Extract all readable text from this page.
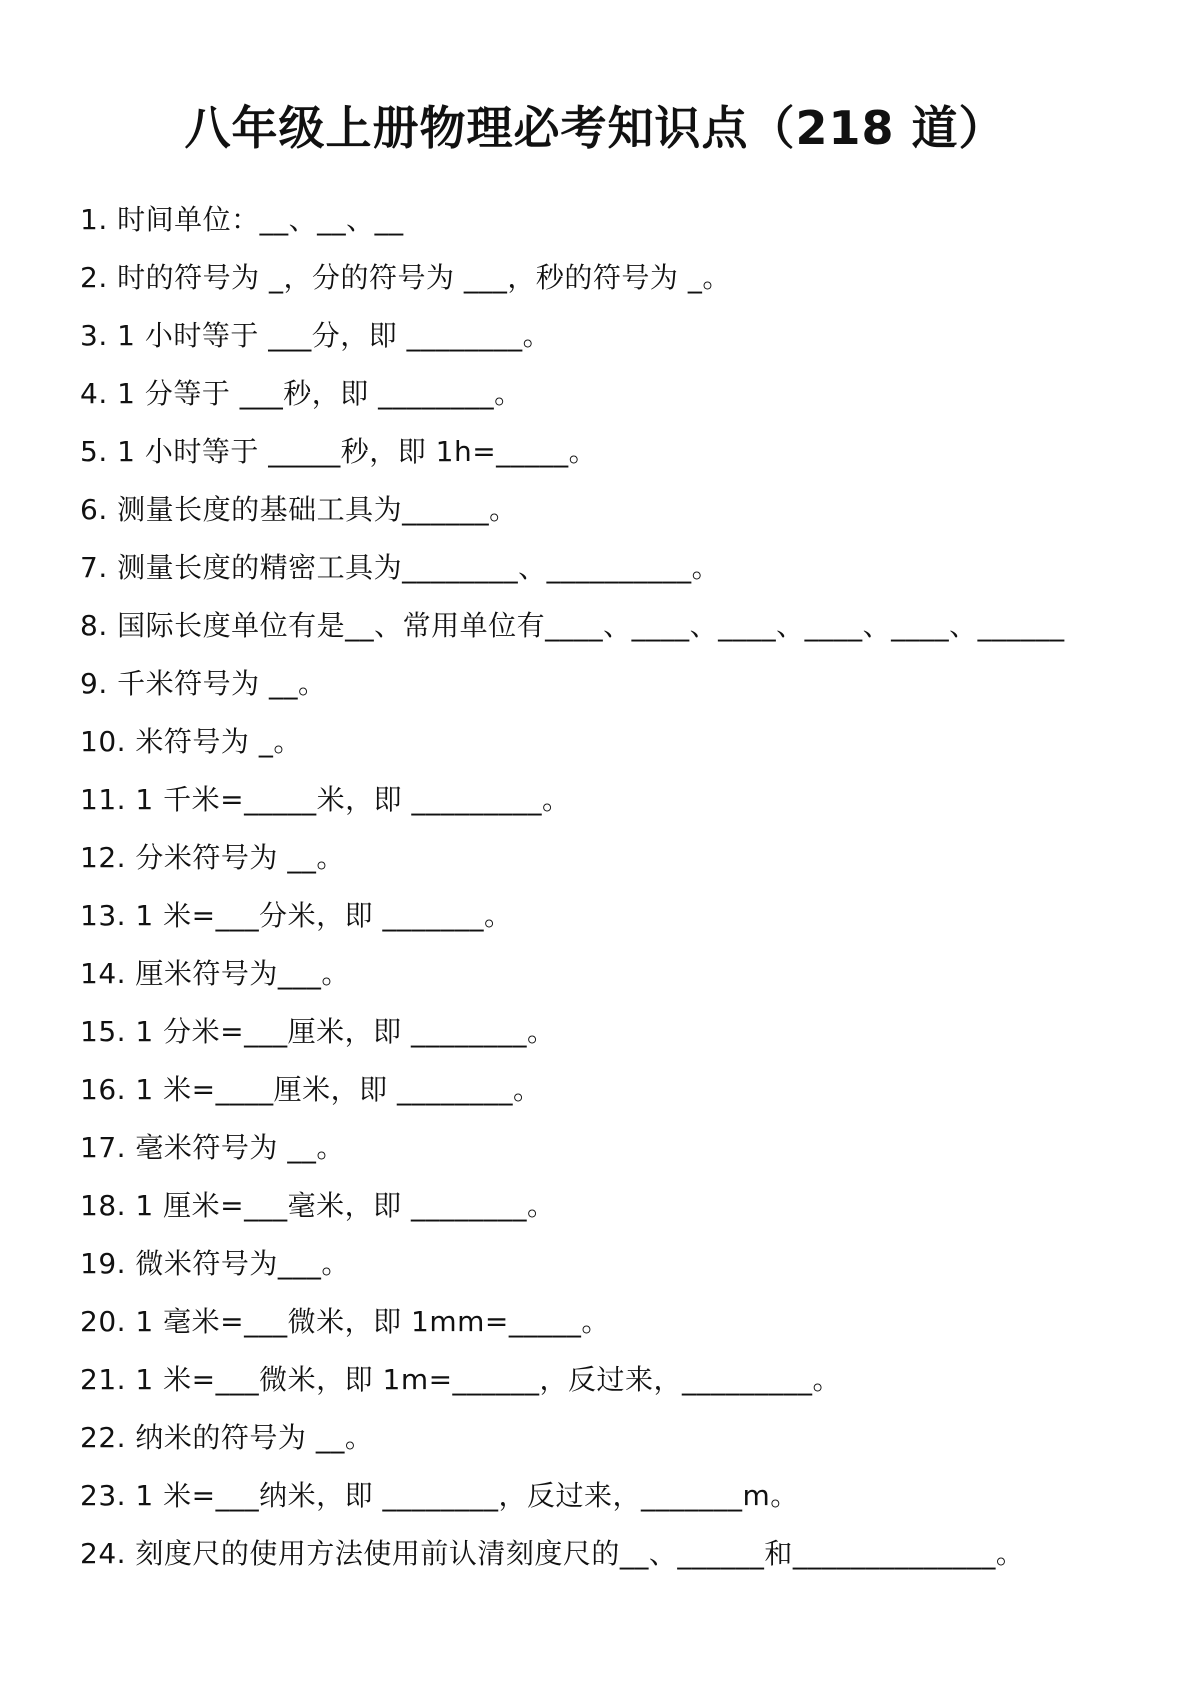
八年级上册物理必考知识点（218 道）
1. 时间单位：__、__、__
2. 时的符号为 _，分的符号为 ___，秒的符号为 _。
3. 1 小时等于 ___分，即 ________。
4. 1 分等于 ___秒，即 ________。
5. 1 小时等于 _____秒，即 1h=_____。
6. 测量长度的基础工具为______。
7. 测量长度的精密工具为________、__________。
8. 国际长度单位有是__、常用单位有____、____、____、____、____、______
9. 千米符号为 __。
10. 米符号为 _。
11. 1 千米=_____米，即 _________。
12. 分米符号为 __。
13. 1 米=___分米，即 _______。
14. 厘米符号为___。
15. 1 分米=___厘米，即 ________。
16. 1 米=____厘米，即 ________。
17. 毫米符号为 __。
18. 1 厘米=___毫米，即 ________。
19. 微米符号为___。
20. 1 毫米=___微米，即 1mm=_____。
21. 1 米=___微米，即 1m=______，反过来，_________。
22. 纳米的符号为 __。
23. 1 米=___纳米，即 ________，反过来，_______m。
24. 刻度尺的使用方法使用前认清刻度尺的__、______和______________。
